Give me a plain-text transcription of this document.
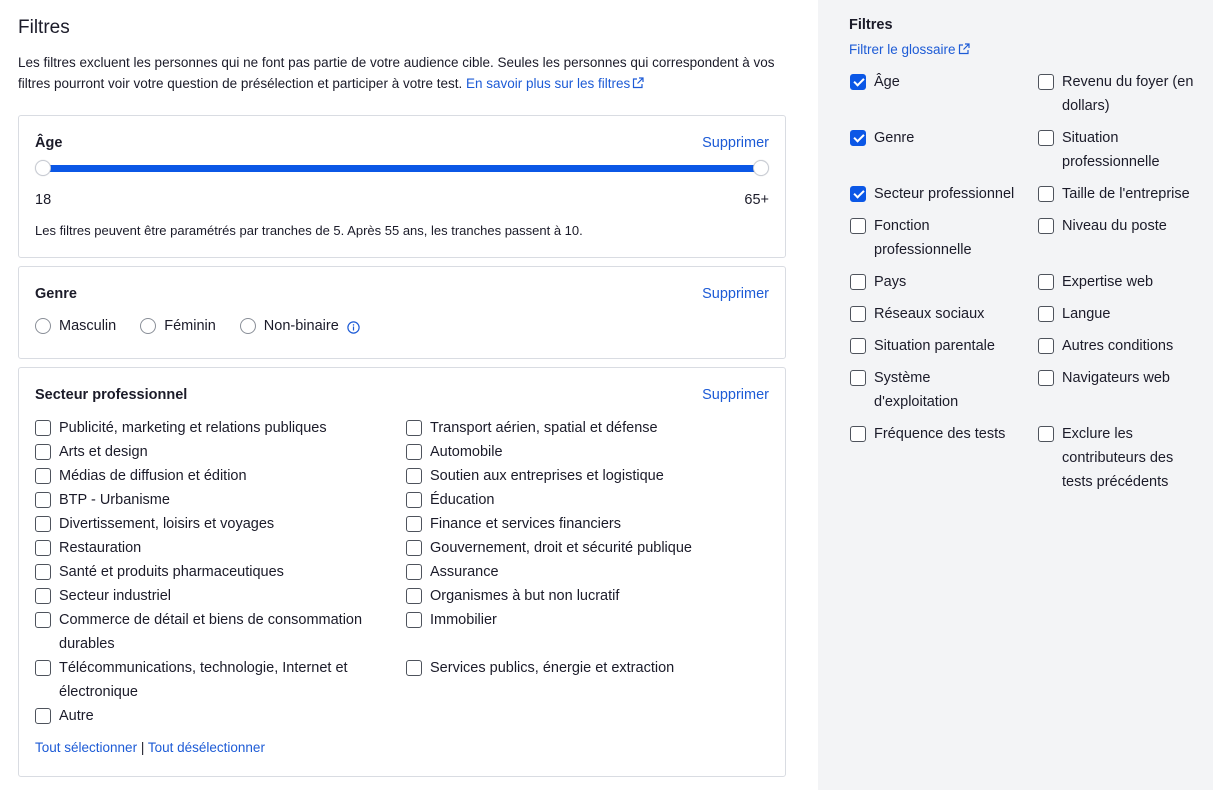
Filtres

Les filtres excluent les personnes qui ne font pas partie de votre audience cible. Seules les personnes qui correspondent à vos filtres pourront voir votre question de présélection et participer à votre test. En savoir plus sur les filtres

Âge	Supprimer
18	65+
Les filtres peuvent être paramétrés par tranches de 5. Après 55 ans, les tranches passent à 10.
Genre	Supprimer
Masculin	Féminin	Non-binaire
Secteur professionnel	Supprimer
Publicité, marketing et relations publiques
Arts et design
Médias de diffusion et édition
BTP - Urbanisme
Divertissement, loisirs et voyages
Restauration
Santé et produits pharmaceutiques
Secteur industriel
Commerce de détail et biens de consommation durables
Télécommunications, technologie, Internet et électronique
Autre
Transport aérien, spatial et défense
Automobile
Soutien aux entreprises et logistique
Éducation
Finance et services financiers
Gouvernement, droit et sécurité publique
Assurance
Organismes à but non lucratif
Immobilier
Services publics, énergie et extraction
Tout sélectionner | Tout désélectionner
Filtres
Filtrer le glossaire
Âge
Genre
Secteur professionnel
Fonction professionnelle
Pays
Réseaux sociaux
Situation parentale
Système d'exploitation
Fréquence des tests
Revenu du foyer (en dollars)
Situation professionnelle
Taille de l'entreprise
Niveau du poste
Expertise web
Langue
Autres conditions
Navigateurs web
Exclure les contributeurs des tests précédents
